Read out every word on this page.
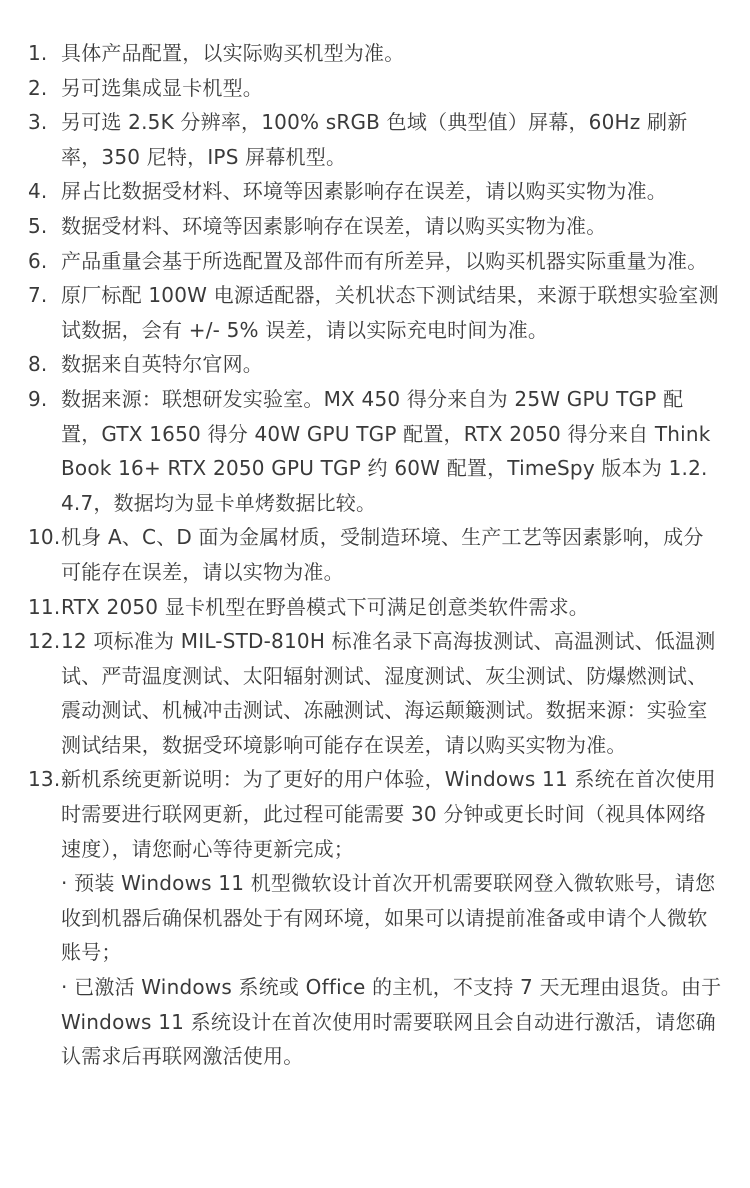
1. 具体产品配置，以实际购买机型为准。
2. 另可选集成显卡机型。
3. 另可选 2.5K 分辨率，100% sRGB 色域（典型值）屏幕，60Hz 刷新率，350 尼特，IPS 屏幕机型。
4. 屏占比数据受材料、环境等因素影响存在误差，请以购买实物为准。
5. 数据受材料、环境等因素影响存在误差，请以购买实物为准。
6. 产品重量会基于所选配置及部件而有所差异，以购买机器实际重量为准。
7. 原厂标配 100W 电源适配器，关机状态下测试结果，来源于联想实验室测试数据，会有 +/- 5% 误差，请以实际充电时间为准。
8. 数据来自英特尔官网。
9. 数据来源：联想研发实验室。MX 450 得分来自为 25W GPU TGP 配置，GTX 1650 得分 40W GPU TGP 配置，RTX 2050 得分来自 ThinkBook 16+ RTX 2050 GPU TGP 约 60W 配置，TimeSpy 版本为 1.2.4.7，数据均为显卡单烤数据比较。
10. 机身 A、C、D 面为金属材质，受制造环境、生产工艺等因素影响，成分可能存在误差，请以实物为准。
11. RTX 2050 显卡机型在野兽模式下可满足创意类软件需求。
12. 12 项标准为 MIL-STD-810H 标准名录下高海拔测试、高温测试、低温测试、严苛温度测试、太阳辐射测试、湿度测试、灰尘测试、防爆燃测试、震动测试、机械冲击测试、冻融测试、海运颠簸测试。数据来源：实验室测试结果，数据受环境影响可能存在误差，请以购买实物为准。
13.·
新机系统更新说明：为了更好的用户体验，Windows 11 系统在首次使用时需要进行联网更新，此过程可能需要 30 分钟或更长时间（视具体网络速度），请您耐心等待更新完成；
· 预装 Windows 11 机型微软设计首次开机需要联网登入微软账号，请您收到机器后确保机器处于有网环境，如果可以请提前准备或申请个人微软账号；
· 已激活 Windows 系统或 Office 的主机，不支持 7 天无理由退货。由于 Windows 11 系统设计在首次使用时需要联网且会自动进行激活，请您确认需求后再联网激活使用。
